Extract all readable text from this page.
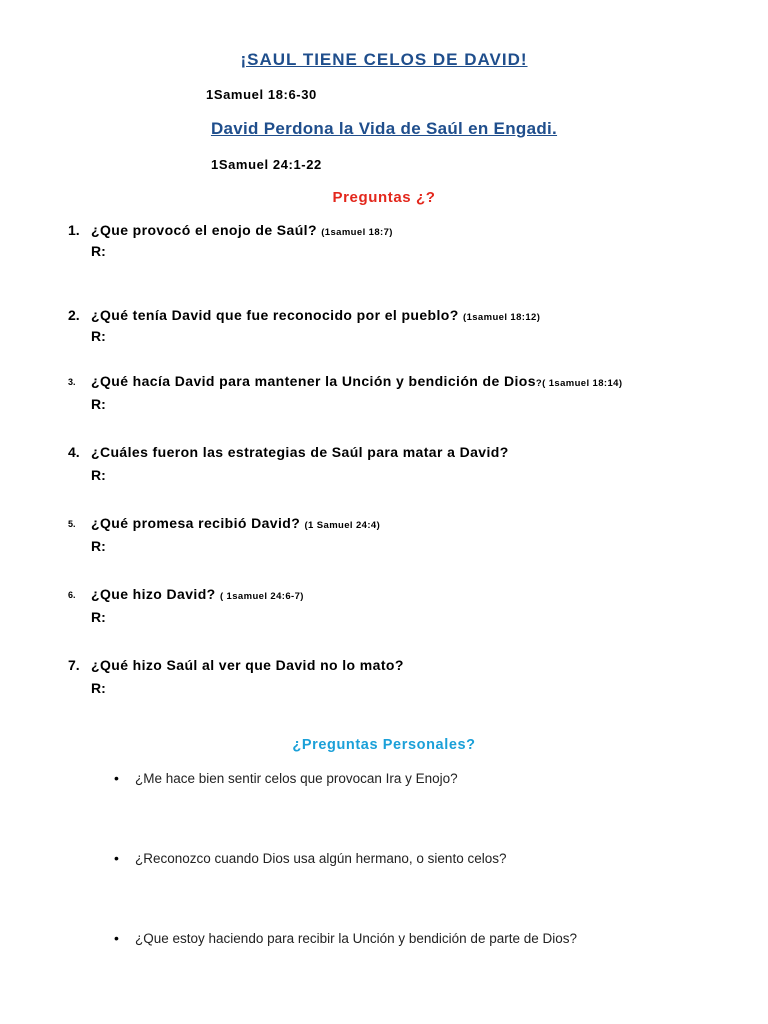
¡SAUL TIENE CELOS DE DAVID!
1Samuel 18:6-30
David Perdona la Vida de Saúl en Engadi.
1Samuel 24:1-22
Preguntas ¿?
1. ¿Que provocó el enojo de Saúl? (1samuel 18:7)
R:
2. ¿Qué tenía David que fue reconocido por el pueblo? (1samuel 18:12)
R:
3. ¿Qué hacía David para mantener la Unción y bendición de Dios?( 1samuel 18:14)
R:
4. ¿Cuáles fueron las estrategias de Saúl para matar a David?
R:
5. ¿Qué promesa recibió David? (1 Samuel 24:4)
R:
6. ¿Que hizo David? ( 1samuel 24:6-7)
R:
7. ¿Qué hizo Saúl al ver que David no lo mato?
R:
¿Preguntas Personales?
• ¿Me hace bien sentir celos que provocan Ira y Enojo?
• ¿Reconozco cuando Dios usa algún hermano, o siento celos?
• ¿Que estoy haciendo para recibir la Unción y bendición de parte de Dios?
